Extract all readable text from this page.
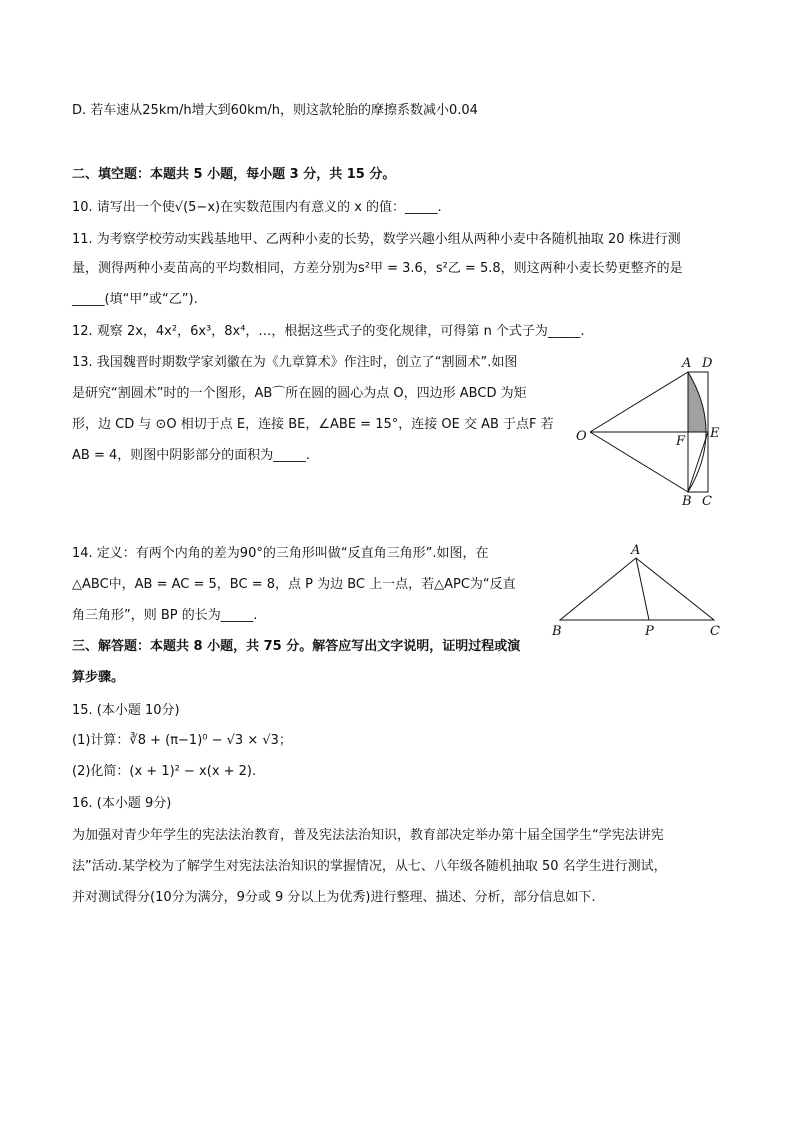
D. 若车速从25km/h增大到60km/h，则这款轮胎的摩擦系数减小0.04
二、填空题：本题共 5 小题，每小题 3 分，共 15 分。
10. 请写出一个使√(5−x)在实数范围内有意义的 x 的值：_____.
11. 为考察学校劳动实践基地甲、乙两种小麦的长势，数学兴趣小组从两种小麦中各随机抽取 20 株进行测
量，测得两种小麦苗高的平均数相同，方差分别为s²甲 = 3.6，s²乙 = 5.8，则这两种小麦长势更整齐的是
_____(填“甲”或“乙”).
12. 观察 2x，4x²，6x³，8x⁴，…，根据这些式子的变化规律，可得第 n 个式子为_____.
13. 我国魏晋时期数学家刘徽在为《九章算术》作注时，创立了“割圆术”.如图
是研究“割圆术”时的一个图形，AB⌒所在圆的圆心为点 O，四边形 ABCD 为矩
形，边 CD 与 ⊙O 相切于点 E，连接 BE，∠ABE = 15°，连接 OE 交 AB 于点F 若
AB = 4，则图中阴影部分的面积为_____.
A D
O	F
E
B C
14. 定义：有两个内角的差为90°的三角形叫做“反直角三角形”.如图，在
△ABC中，AB = AC = 5，BC = 8，点 P 为边 BC 上一点，若△APC为“反直
角三角形”，则 BP 的长为_____.
A
B	P	C
三、解答题：本题共 8 小题，共 75 分。解答应写出文字说明，证明过程或演
算步骤。
15. (本小题 10分)
(1)计算：∛8 + (π−1)⁰ − √3 × √3；
(2)化简：(x + 1)² − x(x + 2).
16. (本小题 9分)
为加强对青少年学生的宪法法治教育，普及宪法法治知识，教育部决定举办第十届全国学生“学宪法讲宪
法”活动.某学校为了解学生对宪法法治知识的掌握情况，从七、八年级各随机抽取 50 名学生进行测试，
并对测试得分(10分为满分，9分或 9 分以上为优秀)进行整理、描述、分析，部分信息如下.
